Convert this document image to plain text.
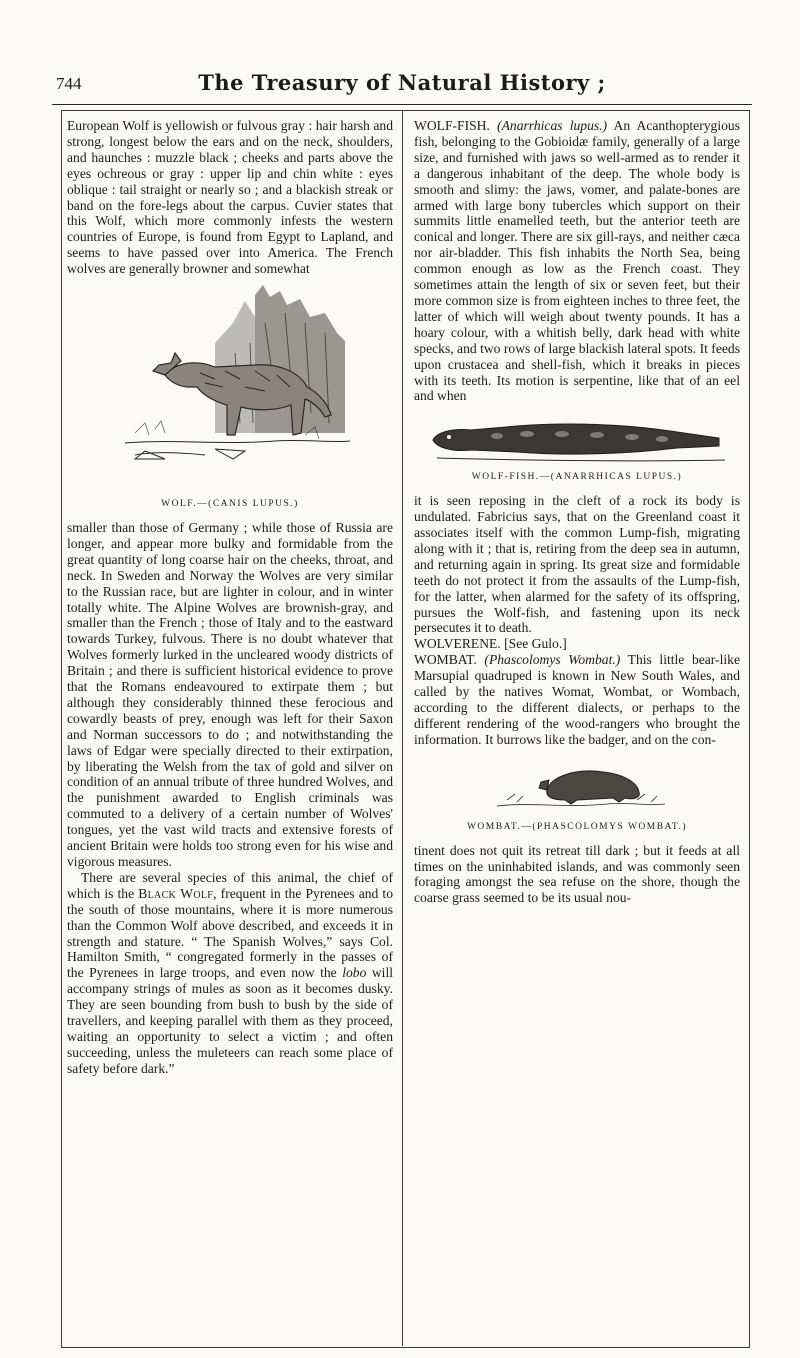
744	The Treasury of Natural History ;

European Wolf is yellowish or fulvous gray : hair harsh and strong, longest below the ears and on the neck, shoulders, and haunches : muzzle black ; cheeks and parts above the eyes ochreous or gray : upper lip and chin white : eyes oblique : tail straight or nearly so ; and a blackish streak or band on the fore-legs about the carpus. Cuvier states that this Wolf, which more commonly infests the western countries of Europe, is found from Egypt to Lapland, and seems to have passed over into America. The French wolves are generally browner and somewhat

WOLF.—(CANIS LUPUS.)

smaller than those of Germany ; while those of Russia are longer, and appear more bulky and formidable from the great quantity of long coarse hair on the cheeks, throat, and neck. In Sweden and Norway the Wolves are very similar to the Russian race, but are lighter in colour, and in winter totally white. The Alpine Wolves are brownish-gray, and smaller than the French ; those of Italy and to the eastward towards Turkey, fulvous. There is no doubt whatever that Wolves formerly lurked in the uncleared woody districts of Britain ; and there is sufficient historical evidence to prove that the Romans endeavoured to extirpate them ; but although they considerably thinned these ferocious and cowardly beasts of prey, enough was left for their Saxon and Norman successors to do ; and notwithstanding the laws of Edgar were specially directed to their extirpation, by liberating the Welsh from the tax of gold and silver on condition of an annual tribute of three hundred Wolves, and the punishment awarded to English criminals was commuted to a delivery of a certain number of Wolves' tongues, yet the vast wild tracts and extensive forests of ancient Britain were holds too strong even for his wise and vigorous measures.

There are several species of this animal, the chief of which is the Black Wolf, frequent in the Pyrenees and to the south of those mountains, where it is more numerous than the Common Wolf above described, and exceeds it in strength and stature. “ The Spanish Wolves,” says Col. Hamilton Smith, “ congregated formerly in the passes of the Pyrenees in large troops, and even now the lobo will accompany strings of mules as soon as it becomes dusky. They are seen bounding from bush to bush by the side of travellers, and keeping parallel with them as they proceed, waiting an opportunity to select a victim ; and often succeeding, unless the muleteers can reach some place of safety before dark.”

WOLF-FISH. (Anarrhicas lupus.) An Acanthopterygious fish, belonging to the Gobioidæ family, generally of a large size, and furnished with jaws so well-armed as to render it a dangerous inhabitant of the deep. The whole body is smooth and slimy: the jaws, vomer, and palate-bones are armed with large bony tubercles which support on their summits little enamelled teeth, but the anterior teeth are conical and longer. There are six gill-rays, and neither cæca nor air-bladder. This fish inhabits the North Sea, being common enough as low as the French coast. They sometimes attain the length of six or seven feet, but their more common size is from eighteen inches to three feet, the latter of which will weigh about twenty pounds. It has a hoary colour, with a whitish belly, dark head with white specks, and two rows of large blackish lateral spots. It feeds upon crustacea and shell-fish, which it breaks in pieces with its teeth. Its motion is serpentine, like that of an eel and when

WOLF-FISH.—(ANARRHICAS LUPUS.)

it is seen reposing in the cleft of a rock its body is undulated. Fabricius says, that on the Greenland coast it associates itself with the common Lump-fish, migrating along with it ; that is, retiring from the deep sea in autumn, and returning again in spring. Its great size and formidable teeth do not protect it from the assaults of the Lump-fish, for the latter, when alarmed for the safety of its offspring, pursues the Wolf-fish, and fastening upon its neck persecutes it to death.

WOLVERENE. [See Gulo.]

WOMBAT. (Phascolomys Wombat.) This little bear-like Marsupial quadruped is known in New South Wales, and called by the natives Womat, Wombat, or Wombach, according to the different dialects, or perhaps to the different rendering of the wood-rangers who brought the information. It burrows like the badger, and on the con-

WOMBAT.—(PHASCOLOMYS WOMBAT.)

tinent does not quit its retreat till dark ; but it feeds at all times on the uninhabited islands, and was commonly seen foraging amongst the sea refuse on the shore, though the coarse grass seemed to be its usual nou-
